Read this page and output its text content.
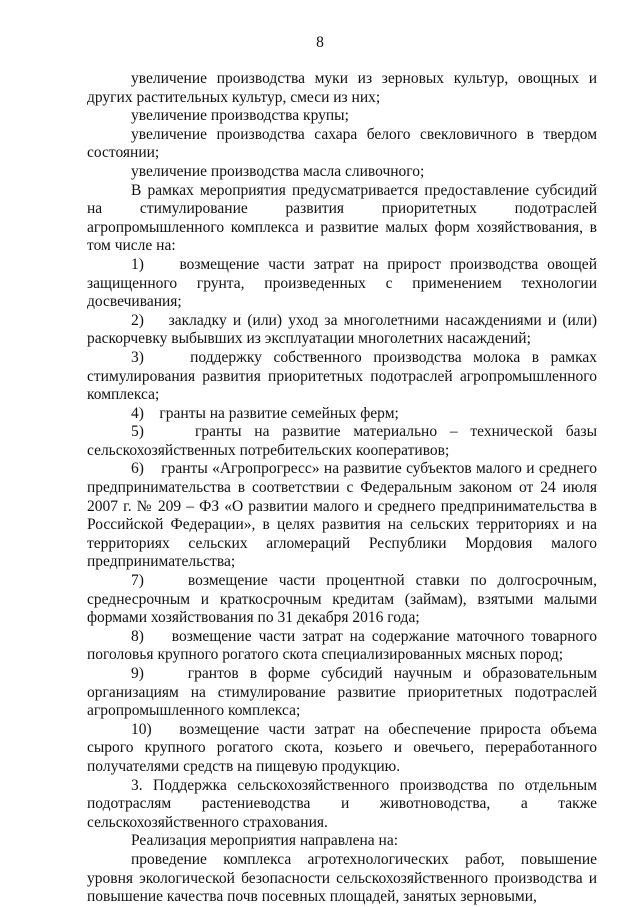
8

увеличение производства муки из зерновых культур, овощных и других растительных культур, смеси из них;

увеличение производства крупы;

увеличение производства сахара белого свекловичного в твердом состоянии;

увеличение производства масла сливочного;

В рамках мероприятия предусматривается предоставление субсидий на стимулирование развития приоритетных подотраслей агропромышленного комплекса и развитие малых форм хозяйствования, в том числе на:

1)    возмещение части затрат на прирост производства овощей защищенного грунта, произведенных с применением технологии досвечивания;

2)    закладку и (или) уход за многолетними насаждениями и (или) раскорчевку выбывших из эксплуатации многолетних насаждений;

3)    поддержку собственного производства молока в рамках стимулирования развития приоритетных подотраслей агропромышленного комплекса;

4)    гранты на развитие семейных ферм;

5)    гранты на развитие материально – технической базы сельскохозяйственных потребительских кооперативов;

6)    гранты «Агропрогресс» на развитие субъектов малого и среднего предпринимательства в соответствии с Федеральным законом от 24 июля 2007 г. № 209 – ФЗ «О развитии малого и среднего предпринимательства в Российской Федерации», в целях развития на сельских территориях и на территориях сельских агломераций Республики Мордовия малого предпринимательства;

7)    возмещение части процентной ставки по долгосрочным, среднесрочным и краткосрочным кредитам (займам), взятыми малыми формами хозяйствования по 31 декабря 2016 года;

8)    возмещение части затрат на содержание маточного товарного поголовья крупного рогатого скота специализированных мясных пород;

9)    грантов в форме субсидий научным и образовательным организациям на стимулирование развитие приоритетных подотраслей агропромышленного комплекса;

10)   возмещение части затрат на обеспечение прироста объема сырого крупного рогатого скота, козьего и овечьего, переработанного получателями средств на пищевую продукцию.

3. Поддержка сельскохозяйственного производства по отдельным подотраслям растениеводства и животноводства, а также сельскохозяйственного страхования.

Реализация мероприятия направлена на:

проведение комплекса агротехнологических работ, повышение уровня экологической безопасности сельскохозяйственного производства и повышение качества почв посевных площадей, занятых зерновыми,
